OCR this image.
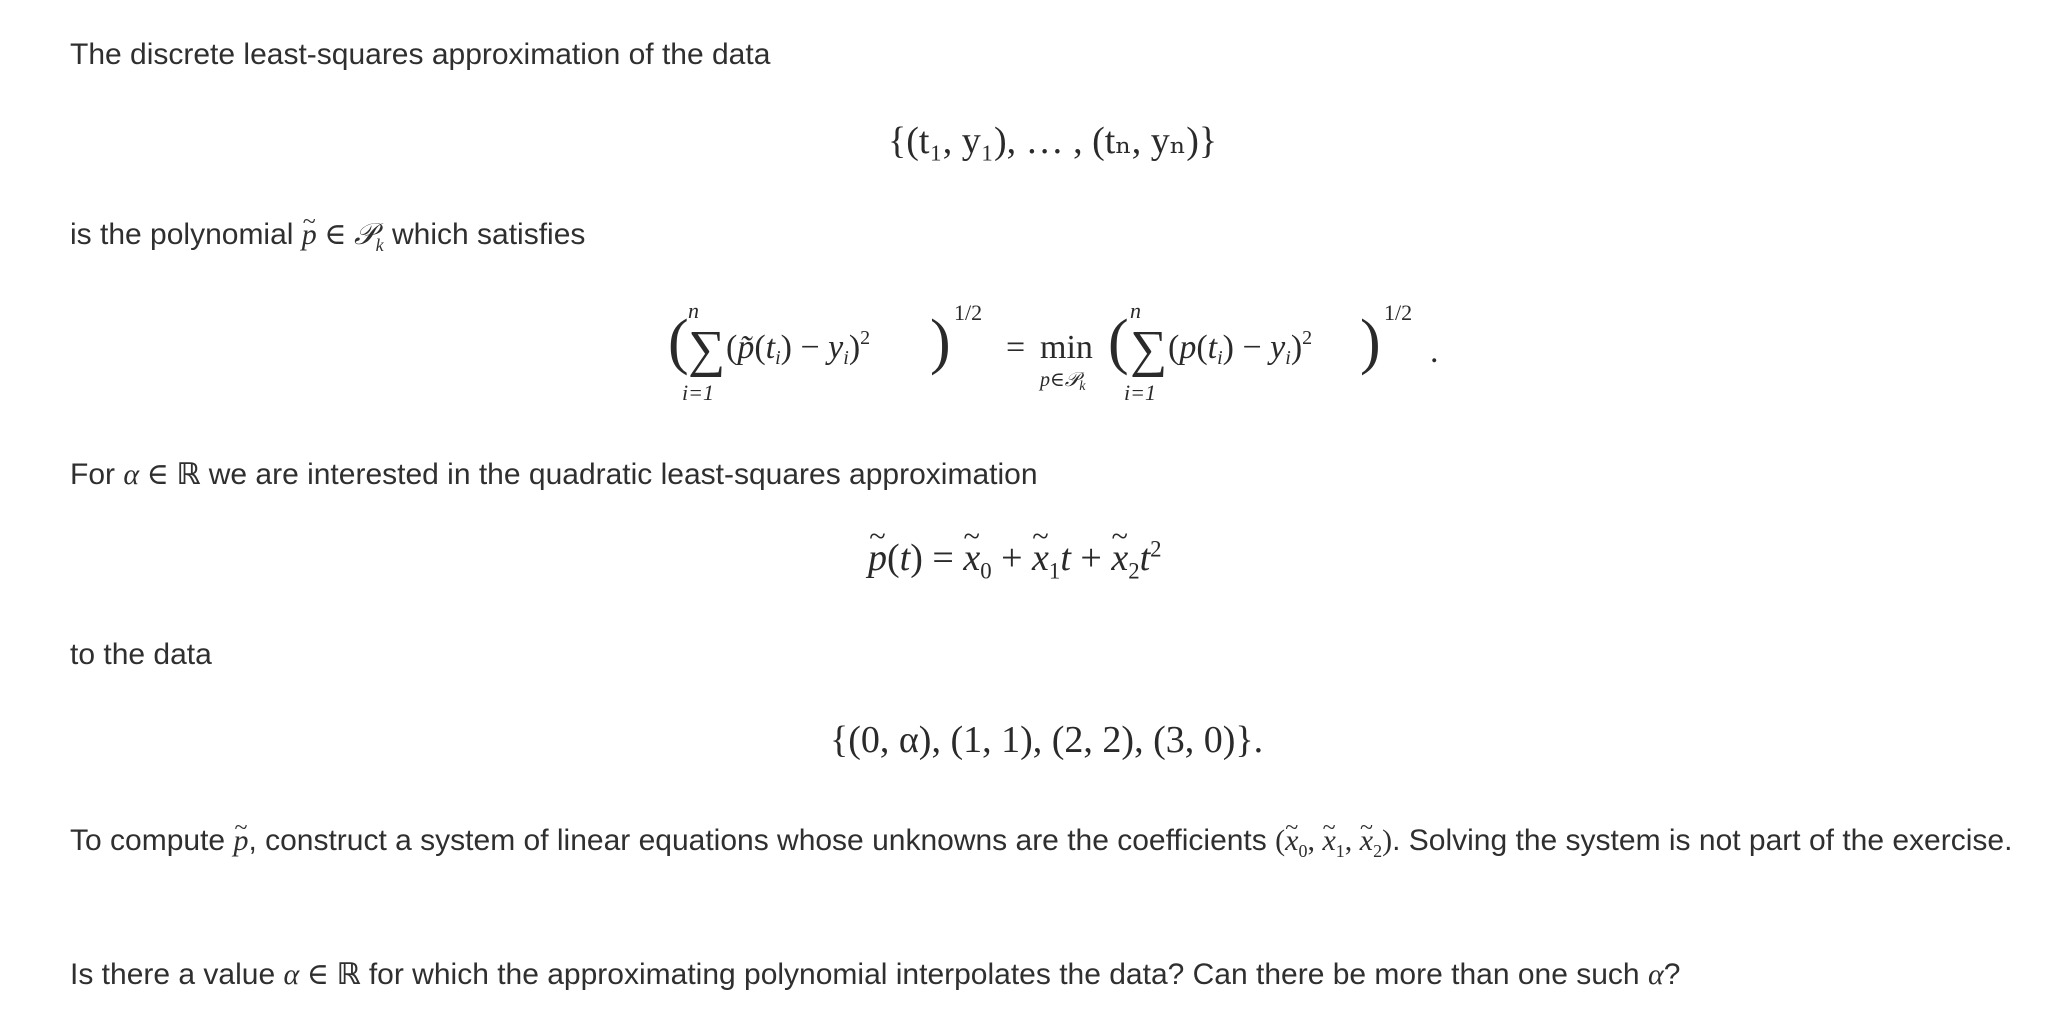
The discrete least-squares approximation of the data
{(t₁, y₁), … , (tₙ, yₙ)}
is the polynomial ~ p ∈ 𝒫$_k$ which satisfies
( n
∑
i=1
(p̃(ti) − yi)$^2$ ) 1/2
= min
p∈𝒫$_k$
( n
∑
i=1
(p(ti) − yi)$^2$ ) 1/2
.
For α ∈ ℝ we are interested in the quadratic least-squares approximation
~ p(t) = ~ $x_0$ + ~ $x_1t$ + ~ $x_2t^2$
to the data
{(0, α), (1, 1), (2, 2), (3, 0)}.
To compute ~ p, construct a system of linear equations whose unknowns are the coefficients (~ $x_0$, ~ $x_1$, ~ $x_2$). Solving the system is not part of the exercise.
Is there a value α ∈ ℝ for which the approximating polynomial interpolates the data? Can there be more than one such α?
